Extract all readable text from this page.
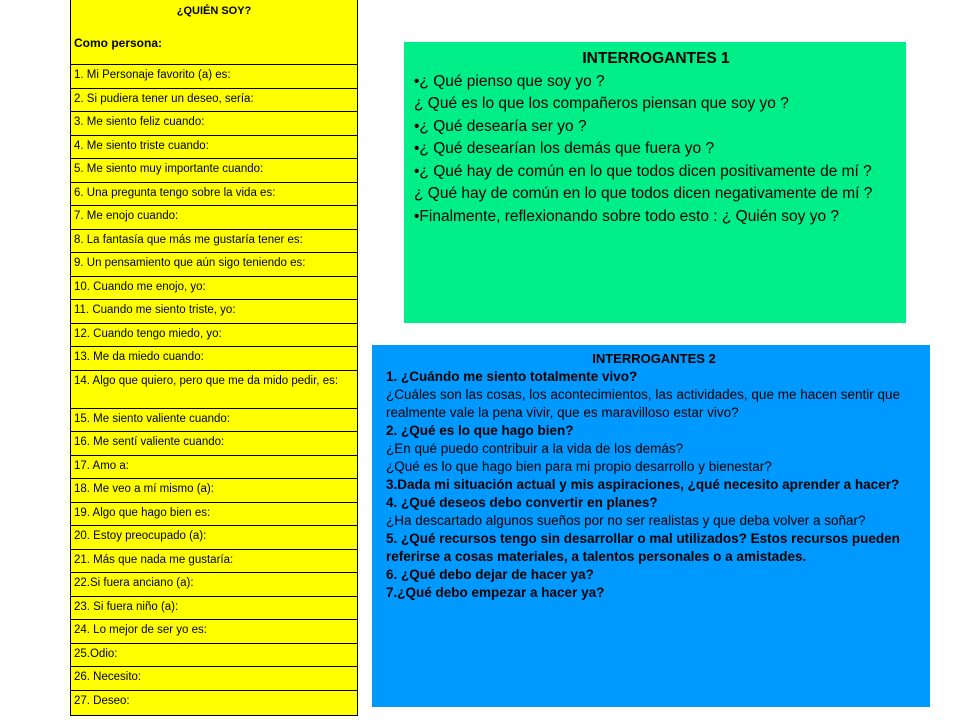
¿QUIÉN SOY?
Como persona:
1. Mi Personaje favorito (a) es:
2. Si pudiera tener un deseo, sería:
3. Me siento feliz cuando:
4. Me siento triste cuando:
5. Me siento muy importante cuando:
6. Una pregunta tengo sobre la vida es:
7. Me enojo cuando:
8. La fantasía que más me gustaría tener es:
9. Un pensamiento que aún sigo teniendo es:
10. Cuando me enojo, yo:
11. Cuando me siento triste, yo:
12. Cuando tengo miedo, yo:
13. Me da miedo cuando:
14. Algo que quiero, pero que me da mido pedir, es:
15. Me siento valiente cuando:
16. Me sentí valiente cuando:
17. Amo a:
18. Me veo a mí mismo (a):
19. Algo que hago bien es:
20. Estoy preocupado (a):
21. Más que nada me gustaría:
22.Si fuera anciano (a):
23. Si fuera niño (a):
24. Lo mejor de ser yo es:
25.Odio:
26. Necesito:
27. Deseo:
INTERROGANTES 1
•¿ Qué pienso que soy yo ?
¿ Qué es lo que los compañeros piensan que soy yo ?
•¿ Qué desearía ser yo ?
•¿ Qué desearían los demás que fuera yo ?
•¿ Qué hay de común en lo que todos dicen positivamente de mí ?
¿ Qué hay de común en lo que todos dicen negativamente de mí ?
•Finalmente, reflexionando sobre todo esto : ¿ Quién soy yo ?
INTERROGANTES 2
1. ¿Cuándo me siento totalmente vivo?
¿Cuáles son las cosas, los acontecimientos, las actividades, que me hacen sentir que realmente vale la pena vivir, que es maravilloso estar vivo?
2. ¿Qué es lo que hago bien?
¿En qué puedo contribuir a la vida de los demás?
¿Qué es lo que hago bien para mi propio desarrollo y bienestar?
3.Dada mi situación actual y mis aspiraciones, ¿qué necesito aprender a hacer?
4. ¿Qué deseos debo convertir en planes?
¿Ha descartado algunos sueños por no ser realistas y que deba volver a soñar?
5. ¿Qué recursos tengo sin desarrollar o mal utilizados? Estos recursos pueden referirse a cosas materiales, a talentos personales o a amistades.
6. ¿Qué debo dejar de hacer ya?
7.¿Qué debo empezar a hacer ya?
